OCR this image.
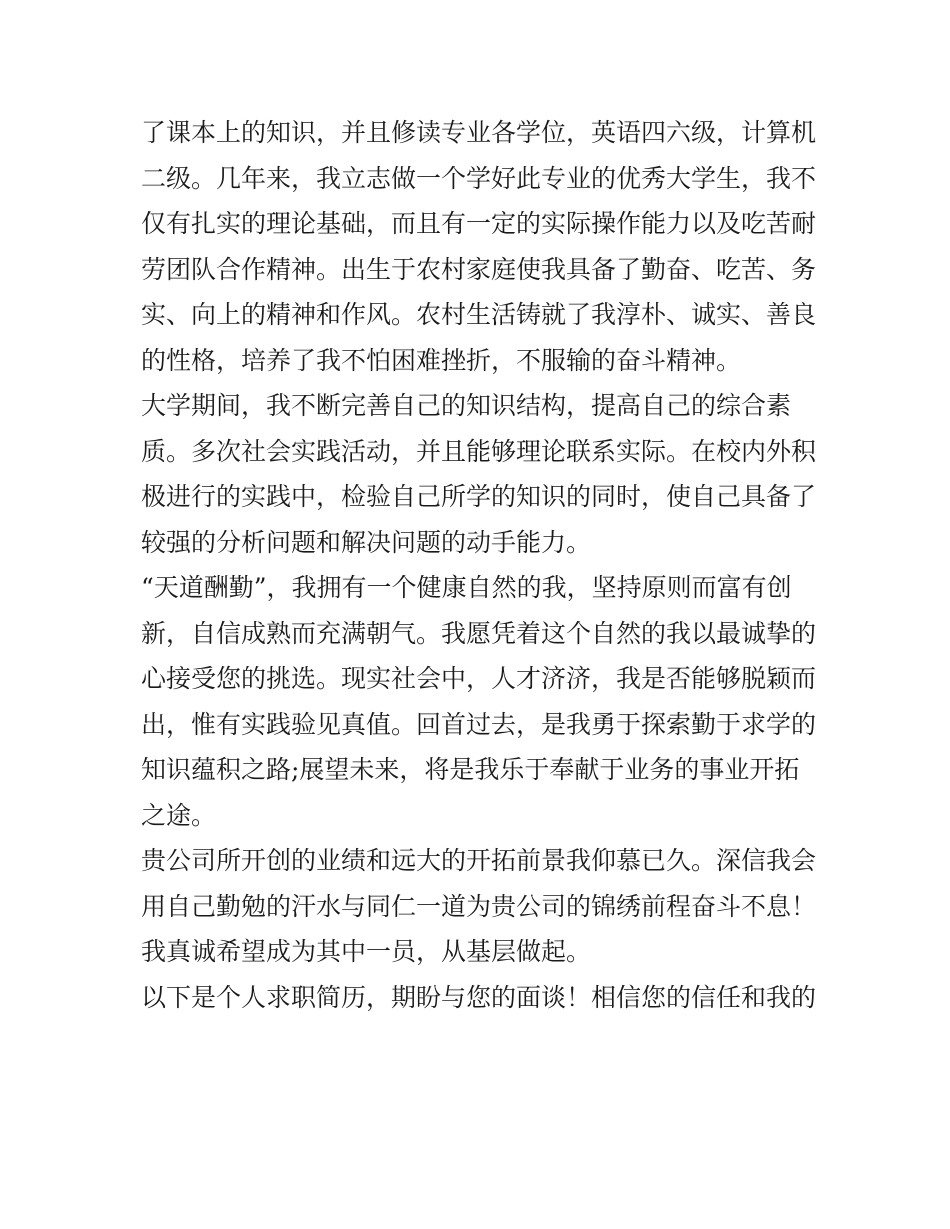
了课本上的知识，并且修读专业各学位，英语四六级，计算机
二级。几年来，我立志做一个学好此专业的优秀大学生，我不
仅有扎实的理论基础，而且有一定的实际操作能力以及吃苦耐
劳团队合作精神。出生于农村家庭使我具备了勤奋、吃苦、务
实、向上的精神和作风。农村生活铸就了我淳朴、诚实、善良
的性格，培养了我不怕困难挫折，不服输的奋斗精神。
大学期间，我不断完善自己的知识结构，提高自己的综合素
质。多次社会实践活动，并且能够理论联系实际。在校内外积
极进行的实践中，检验自己所学的知识的同时，使自己具备了
较强的分析问题和解决问题的动手能力。
“天道酬勤”，我拥有一个健康自然的我，坚持原则而富有创
新，自信成熟而充满朝气。我愿凭着这个自然的我以最诚挚的
心接受您的挑选。现实社会中，人才济济，我是否能够脱颖而
出，惟有实践验见真值。回首过去，是我勇于探索勤于求学的
知识蕴积之路;展望未来，将是我乐于奉献于业务的事业开拓
之途。
贵公司所开创的业绩和远大的开拓前景我仰慕已久。深信我会
用自己勤勉的汗水与同仁一道为贵公司的锦绣前程奋斗不息！
我真诚希望成为其中一员，从基层做起。
以下是个人求职简历，期盼与您的面谈！相信您的信任和我的
